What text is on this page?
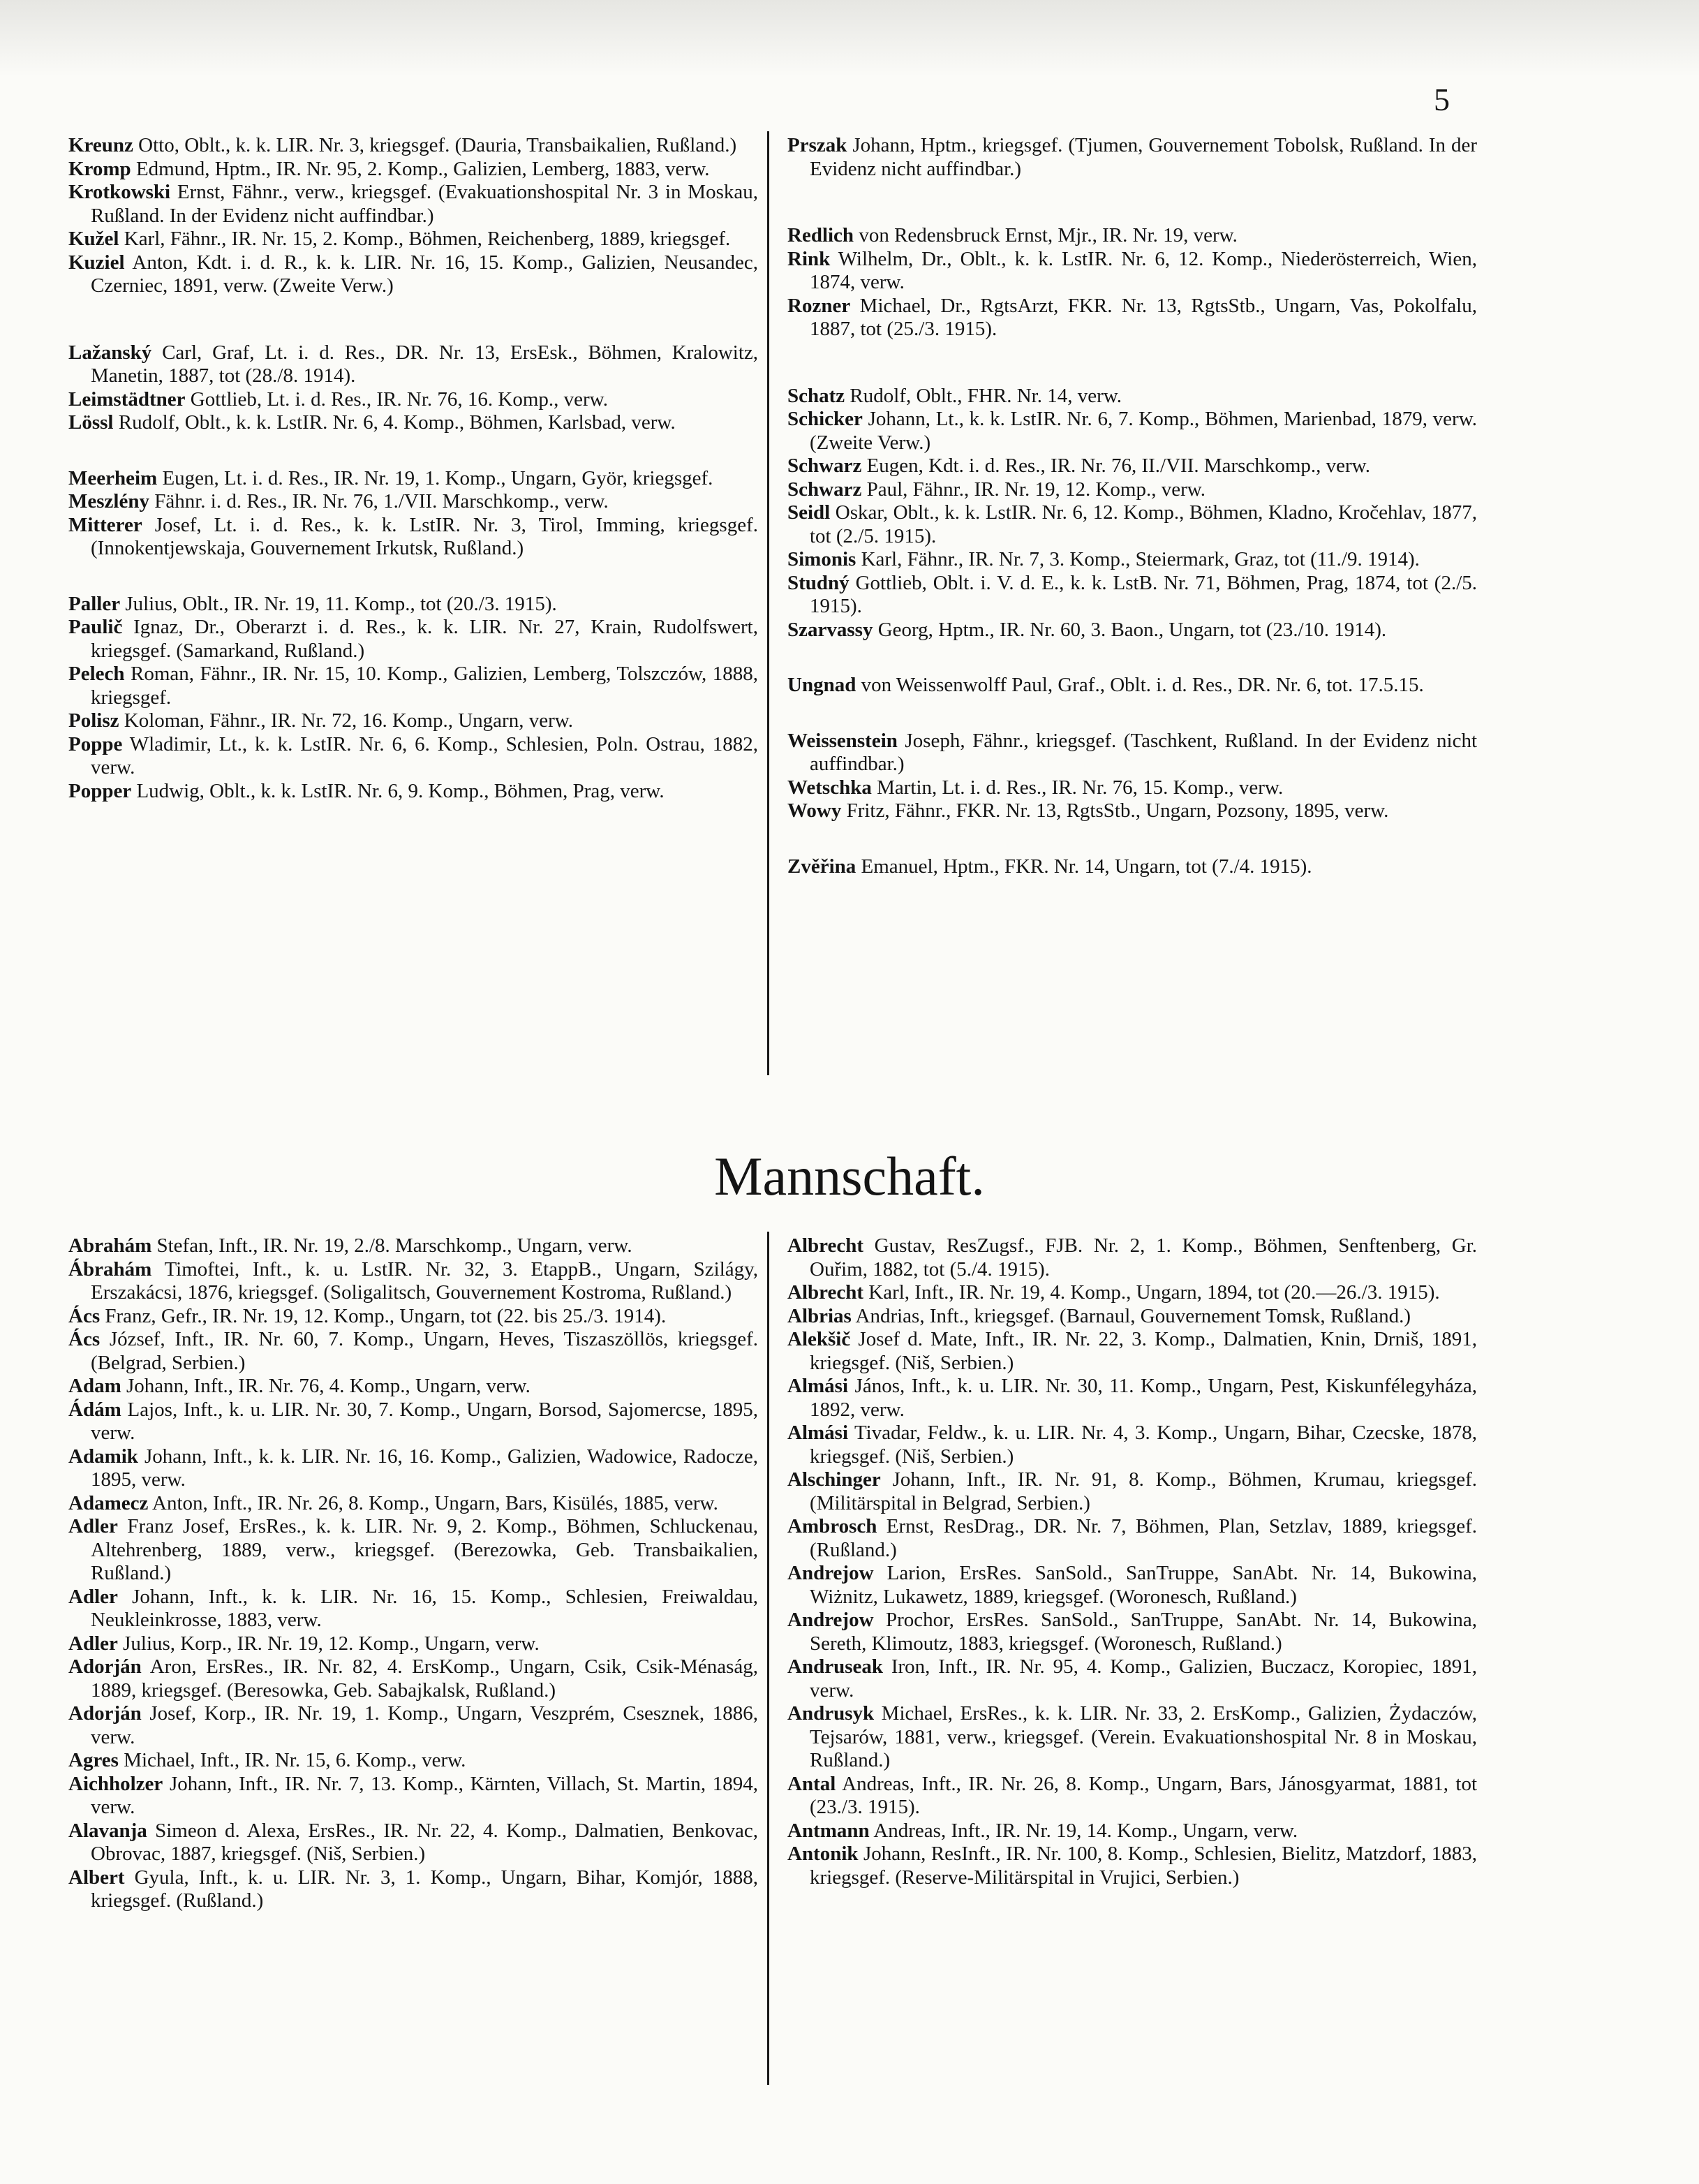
5

Kreunz Otto, Oblt., k. k. LIR. Nr. 3, kriegsgef. (Dauria, Transbaikalien, Rußland.)

Kromp Edmund, Hptm., IR. Nr. 95, 2. Komp., Galizien, Lemberg, 1883, verw.

Krotkowski Ernst, Fähnr., verw., kriegsgef. (Evakuationshospital Nr. 3 in Moskau, Rußland. In der Evidenz nicht auffindbar.)

Kužel Karl, Fähnr., IR. Nr. 15, 2. Komp., Böhmen, Reichenberg, 1889, kriegsgef.

Kuziel Anton, Kdt. i. d. R., k. k. LIR. Nr. 16, 15. Komp., Galizien, Neusandec, Czerniec, 1891, verw. (Zweite Verw.)

Lažanský Carl, Graf, Lt. i. d. Res., DR. Nr. 13, ErsEsk., Böhmen, Kralowitz, Manetin, 1887, tot (28./8. 1914).

Leimstädtner Gottlieb, Lt. i. d. Res., IR. Nr. 76, 16. Komp., verw.

Lössl Rudolf, Oblt., k. k. LstIR. Nr. 6, 4. Komp., Böhmen, Karlsbad, verw.

Meerheim Eugen, Lt. i. d. Res., IR. Nr. 19, 1. Komp., Ungarn, Györ, kriegsgef.

Meszlény Fähnr. i. d. Res., IR. Nr. 76, 1./VII. Marschkomp., verw.

Mitterer Josef, Lt. i. d. Res., k. k. LstIR. Nr. 3, Tirol, Imming, kriegsgef. (Innokentjewskaja, Gouvernement Irkutsk, Rußland.)

Paller Julius, Oblt., IR. Nr. 19, 11. Komp., tot (20./3. 1915).

Paulič Ignaz, Dr., Oberarzt i. d. Res., k. k. LIR. Nr. 27, Krain, Rudolfswert, kriegsgef. (Samarkand, Rußland.)

Pelech Roman, Fähnr., IR. Nr. 15, 10. Komp., Galizien, Lemberg, Tolszczów, 1888, kriegsgef.

Polisz Koloman, Fähnr., IR. Nr. 72, 16. Komp., Ungarn, verw.

Poppe Wladimir, Lt., k. k. LstIR. Nr. 6, 6. Komp., Schlesien, Poln. Ostrau, 1882, verw.

Popper Ludwig, Oblt., k. k. LstIR. Nr. 6, 9. Komp., Böhmen, Prag, verw.

Prszak Johann, Hptm., kriegsgef. (Tjumen, Gouvernement Tobolsk, Rußland. In der Evidenz nicht auffindbar.)

Redlich von Redensbruck Ernst, Mjr., IR. Nr. 19, verw.

Rink Wilhelm, Dr., Oblt., k. k. LstIR. Nr. 6, 12. Komp., Niederösterreich, Wien, 1874, verw.

Rozner Michael, Dr., RgtsArzt, FKR. Nr. 13, RgtsStb., Ungarn, Vas, Pokolfalu, 1887, tot (25./3. 1915).

Schatz Rudolf, Oblt., FHR. Nr. 14, verw.

Schicker Johann, Lt., k. k. LstIR. Nr. 6, 7. Komp., Böhmen, Marienbad, 1879, verw. (Zweite Verw.)

Schwarz Eugen, Kdt. i. d. Res., IR. Nr. 76, II./VII. Marschkomp., verw.

Schwarz Paul, Fähnr., IR. Nr. 19, 12. Komp., verw.

Seidl Oskar, Oblt., k. k. LstIR. Nr. 6, 12. Komp., Böhmen, Kladno, Kročehlav, 1877, tot (2./5. 1915).

Simonis Karl, Fähnr., IR. Nr. 7, 3. Komp., Steiermark, Graz, tot (11./9. 1914).

Studný Gottlieb, Oblt. i. V. d. E., k. k. LstB. Nr. 71, Böhmen, Prag, 1874, tot (2./5. 1915).

Szarvassy Georg, Hptm., IR. Nr. 60, 3. Baon., Ungarn, tot (23./10. 1914).

Ungnad von Weissenwolff Paul, Graf., Oblt. i. d. Res., DR. Nr. 6, tot. 17.5.15.

Weissenstein Joseph, Fähnr., kriegsgef. (Taschkent, Rußland. In der Evidenz nicht auffindbar.)

Wetschka Martin, Lt. i. d. Res., IR. Nr. 76, 15. Komp., verw.

Wowy Fritz, Fähnr., FKR. Nr. 13, RgtsStb., Ungarn, Pozsony, 1895, verw.

Zvěřina Emanuel, Hptm., FKR. Nr. 14, Ungarn, tot (7./4. 1915).

Mannschaft.

Abrahám Stefan, Inft., IR. Nr. 19, 2./8. Marschkomp., Ungarn, verw.

Ábrahám Timoftei, Inft., k. u. LstIR. Nr. 32, 3. EtappB., Ungarn, Szilágy, Erszakácsi, 1876, kriegsgef. (Soligalitsch, Gouvernement Kostroma, Rußland.)

Ács Franz, Gefr., IR. Nr. 19, 12. Komp., Ungarn, tot (22. bis 25./3. 1914).

Ács József, Inft., IR. Nr. 60, 7. Komp., Ungarn, Heves, Tiszaszöllös, kriegsgef. (Belgrad, Serbien.)

Adam Johann, Inft., IR. Nr. 76, 4. Komp., Ungarn, verw.

Ádám Lajos, Inft., k. u. LIR. Nr. 30, 7. Komp., Ungarn, Borsod, Sajomercse, 1895, verw.

Adamik Johann, Inft., k. k. LIR. Nr. 16, 16. Komp., Galizien, Wadowice, Radocze, 1895, verw.

Adamecz Anton, Inft., IR. Nr. 26, 8. Komp., Ungarn, Bars, Kisülés, 1885, verw.

Adler Franz Josef, ErsRes., k. k. LIR. Nr. 9, 2. Komp., Böhmen, Schluckenau, Altehrenberg, 1889, verw., kriegsgef. (Berezowka, Geb. Transbaikalien, Rußland.)

Adler Johann, Inft., k. k. LIR. Nr. 16, 15. Komp., Schlesien, Freiwaldau, Neukleinkrosse, 1883, verw.

Adler Julius, Korp., IR. Nr. 19, 12. Komp., Ungarn, verw.

Adorján Aron, ErsRes., IR. Nr. 82, 4. ErsKomp., Ungarn, Csik, Csik-Ménaság, 1889, kriegsgef. (Beresowka, Geb. Sabajkalsk, Rußland.)

Adorján Josef, Korp., IR. Nr. 19, 1. Komp., Ungarn, Veszprém, Csesznek, 1886, verw.

Agres Michael, Inft., IR. Nr. 15, 6. Komp., verw.

Aichholzer Johann, Inft., IR. Nr. 7, 13. Komp., Kärnten, Villach, St. Martin, 1894, verw.

Alavanja Simeon d. Alexa, ErsRes., IR. Nr. 22, 4. Komp., Dalmatien, Benkovac, Obrovac, 1887, kriegsgef. (Niš, Serbien.)

Albert Gyula, Inft., k. u. LIR. Nr. 3, 1. Komp., Ungarn, Bihar, Komjór, 1888, kriegsgef. (Rußland.)

Albrecht Gustav, ResZugsf., FJB. Nr. 2, 1. Komp., Böhmen, Senftenberg, Gr. Ouřim, 1882, tot (5./4. 1915).

Albrecht Karl, Inft., IR. Nr. 19, 4. Komp., Ungarn, 1894, tot (20.—26./3. 1915).

Albrias Andrias, Inft., kriegsgef. (Barnaul, Gouvernement Tomsk, Rußland.)

Alekšič Josef d. Mate, Inft., IR. Nr. 22, 3. Komp., Dalmatien, Knin, Drniš, 1891, kriegsgef. (Niš, Serbien.)

Almási János, Inft., k. u. LIR. Nr. 30, 11. Komp., Ungarn, Pest, Kiskunfélegyháza, 1892, verw.

Almási Tivadar, Feldw., k. u. LIR. Nr. 4, 3. Komp., Ungarn, Bihar, Czecske, 1878, kriegsgef. (Niš, Serbien.)

Alschinger Johann, Inft., IR. Nr. 91, 8. Komp., Böhmen, Krumau, kriegsgef. (Militärspital in Belgrad, Serbien.)

Ambrosch Ernst, ResDrag., DR. Nr. 7, Böhmen, Plan, Setzlav, 1889, kriegsgef. (Rußland.)

Andrejow Larion, ErsRes. SanSold., SanTruppe, SanAbt. Nr. 14, Bukowina, Wiżnitz, Lukawetz, 1889, kriegsgef. (Woronesch, Rußland.)

Andrejow Prochor, ErsRes. SanSold., SanTruppe, SanAbt. Nr. 14, Bukowina, Sereth, Klimoutz, 1883, kriegsgef. (Woronesch, Rußland.)

Andruseak Iron, Inft., IR. Nr. 95, 4. Komp., Galizien, Buczacz, Koropiec, 1891, verw.

Andrusyk Michael, ErsRes., k. k. LIR. Nr. 33, 2. ErsKomp., Galizien, Żydaczów, Tejsarów, 1881, verw., kriegsgef. (Verein. Evakuationshospital Nr. 8 in Moskau, Rußland.)

Antal Andreas, Inft., IR. Nr. 26, 8. Komp., Ungarn, Bars, Jánosgyarmat, 1881, tot (23./3. 1915).

Antmann Andreas, Inft., IR. Nr. 19, 14. Komp., Ungarn, verw.

Antonik Johann, ResInft., IR. Nr. 100, 8. Komp., Schlesien, Bielitz, Matzdorf, 1883, kriegsgef. (Reserve-Militärspital in Vrujici, Serbien.)
